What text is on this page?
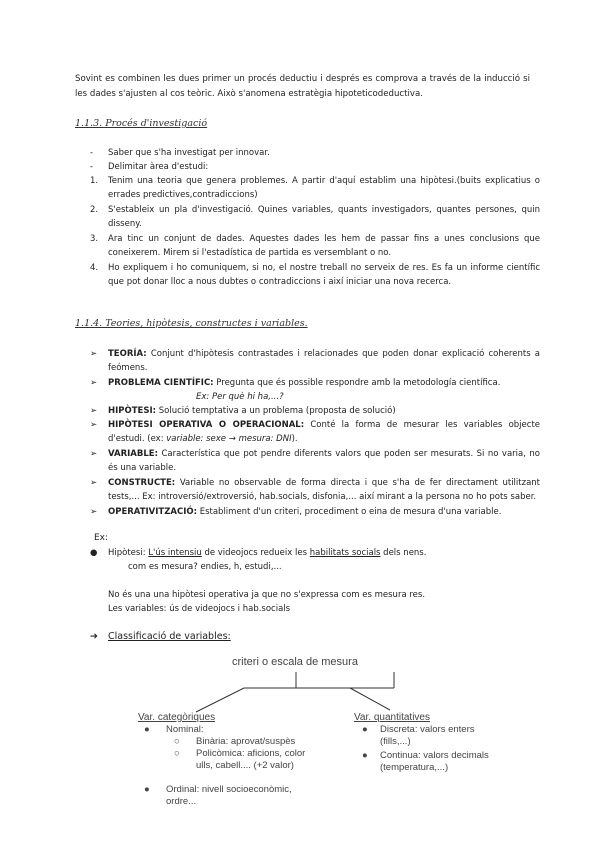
Sovint es combinen les dues primer un procés deductiu i després es comprova a través de la inducció si les dades s'ajusten al cos teòric. Això s'anomena estratègia hipoteticodeductiva.
1.1.3. Procés d'investigació
-	Saber que s'ha investigat per innovar.
-	Delimitar àrea d'estudi:
1.	Tenim una teoria que genera problemes. A partir d'aquí establim una hipòtesi.(buits explicatius o errades predictives,contradiccions)
2.	S'estableix un pla d'investigació. Quines variables, quants investigadors, quantes persones, quin disseny.
3.	Ara tinc un conjunt de dades. Aquestes dades les hem de passar fins a unes conclusions que coneixerem. Mirem si l'estadística de partida es versemblant o no.
4.	Ho expliquem i ho comuniquem, si no, el nostre treball no serveix de res. Es fa un informe científic que pot donar lloc a nous dubtes o contradiccions i així iniciar una nova recerca.
1.1.4. Teories, hipòtesis, constructes i variables.
➢	TEORÍA: Conjunt d'hipòtesis contrastades i relacionades que poden donar explicació coherents a feómens.
➢	PROBLEMA CIENTÍFIC: Pregunta que és possible respondre amb la metodología científica.
Ex: Per què hi ha,...?
➢	HIPÒTESI: Solució temptativa a un problema (proposta de solució)
➢	HIPÒTESI OPERATIVA O OPERACIONAL: Conté la forma de mesurar les variables objecte d'estudi. (ex: variable: sexe → mesura: DNI).
➢	VARIABLE: Característica que pot pendre diferents valors que poden ser mesurats. Si no varia, no és una variable.
➢	CONSTRUCTE: Variable no observable de forma directa i que s'ha de fer directament utilitzant tests,... Ex: introversió/extroversió, hab.socials, disfonia,... així mirant a la persona no ho pots saber.
➢	OPERATIVITZACIÓ: Establiment d'un criteri, procediment o eina de mesura d'una variable.
Ex:
●	Hipòtesi: L'ús intensiu de videojocs redueix les habilitats socials dels nens.
com es mesura? endies, h, estudi,...
No és una una hipòtesi operativa ja que no s'expressa com es mesura res.
Les variables: ús de videojocs i hab.socials
➔ Classificació de variables:
criteri o escala de mesura
Var. categòriques	Var. quantitatives
● Nominal:
○ Binària: aprovat/suspès
○ Policòmica: aficions, color ulls, cabell.... (+2 valor)
● Ordinal: nivell socioeconòmic, ordre...
● Discreta: valors enters (fills,...)
● Continua: valors decimals (temperatura,...)
